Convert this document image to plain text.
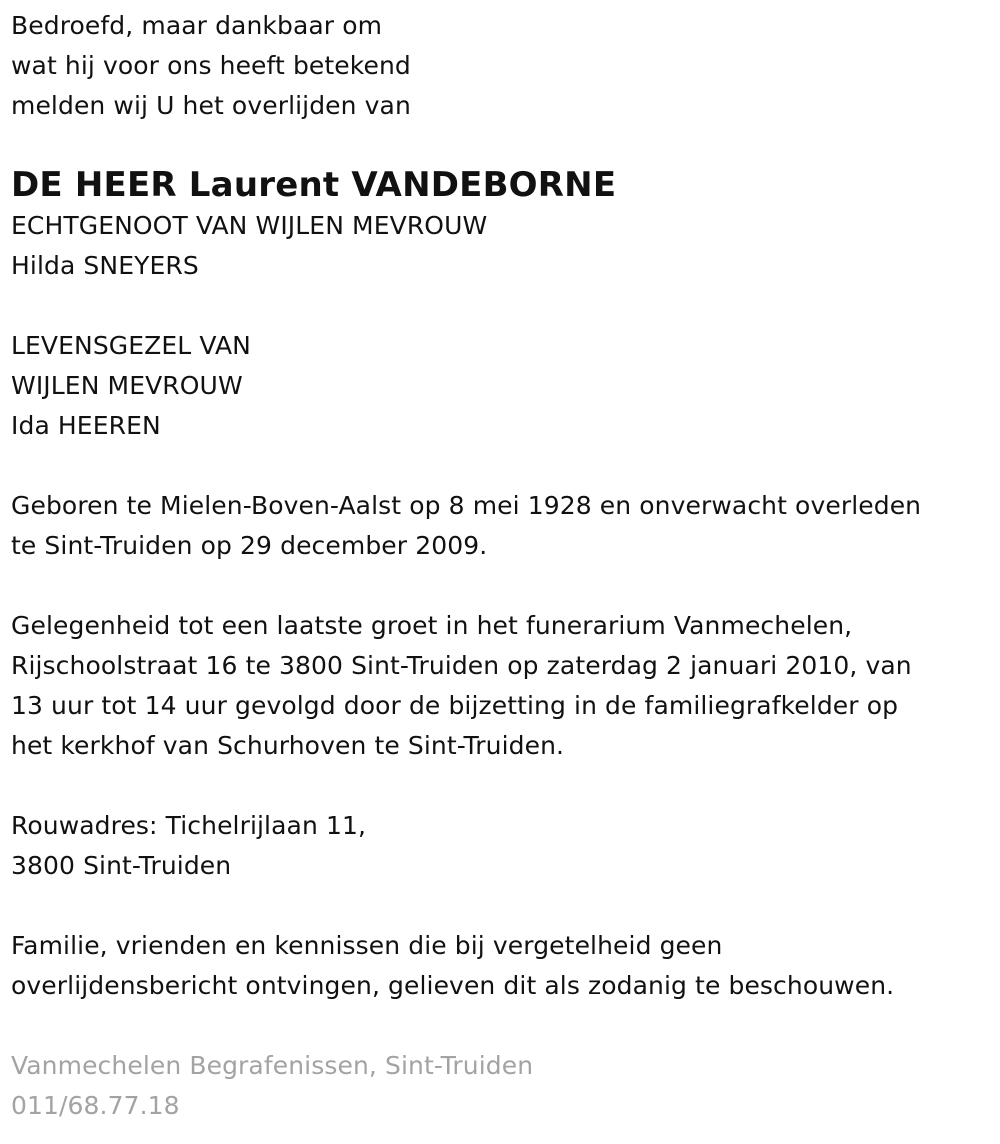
Bedroefd, maar dankbaar om
wat hij voor ons heeft betekend
melden wij U het overlijden van
DE HEER Laurent VANDEBORNE
ECHTGENOOT VAN WIJLEN MEVROUW
Hilda SNEYERS
LEVENSGEZEL VAN
WIJLEN MEVROUW
Ida HEEREN
Geboren te Mielen-Boven-Aalst op 8 mei 1928 en onverwacht overleden
te Sint-Truiden op 29 december 2009.
Gelegenheid tot een laatste groet in het funerarium Vanmechelen,
Rijschoolstraat 16 te 3800 Sint-Truiden op zaterdag 2 januari 2010, van
13 uur tot 14 uur gevolgd door de bijzetting in de familiegrafkelder op
het kerkhof van Schurhoven te Sint-Truiden.
Rouwadres: Tichelrijlaan 11,
3800 Sint-Truiden
Familie, vrienden en kennissen die bij vergetelheid geen
overlijdensbericht ontvingen, gelieven dit als zodanig te beschouwen.
Vanmechelen Begrafenissen, Sint-Truiden
011/68.77.18
